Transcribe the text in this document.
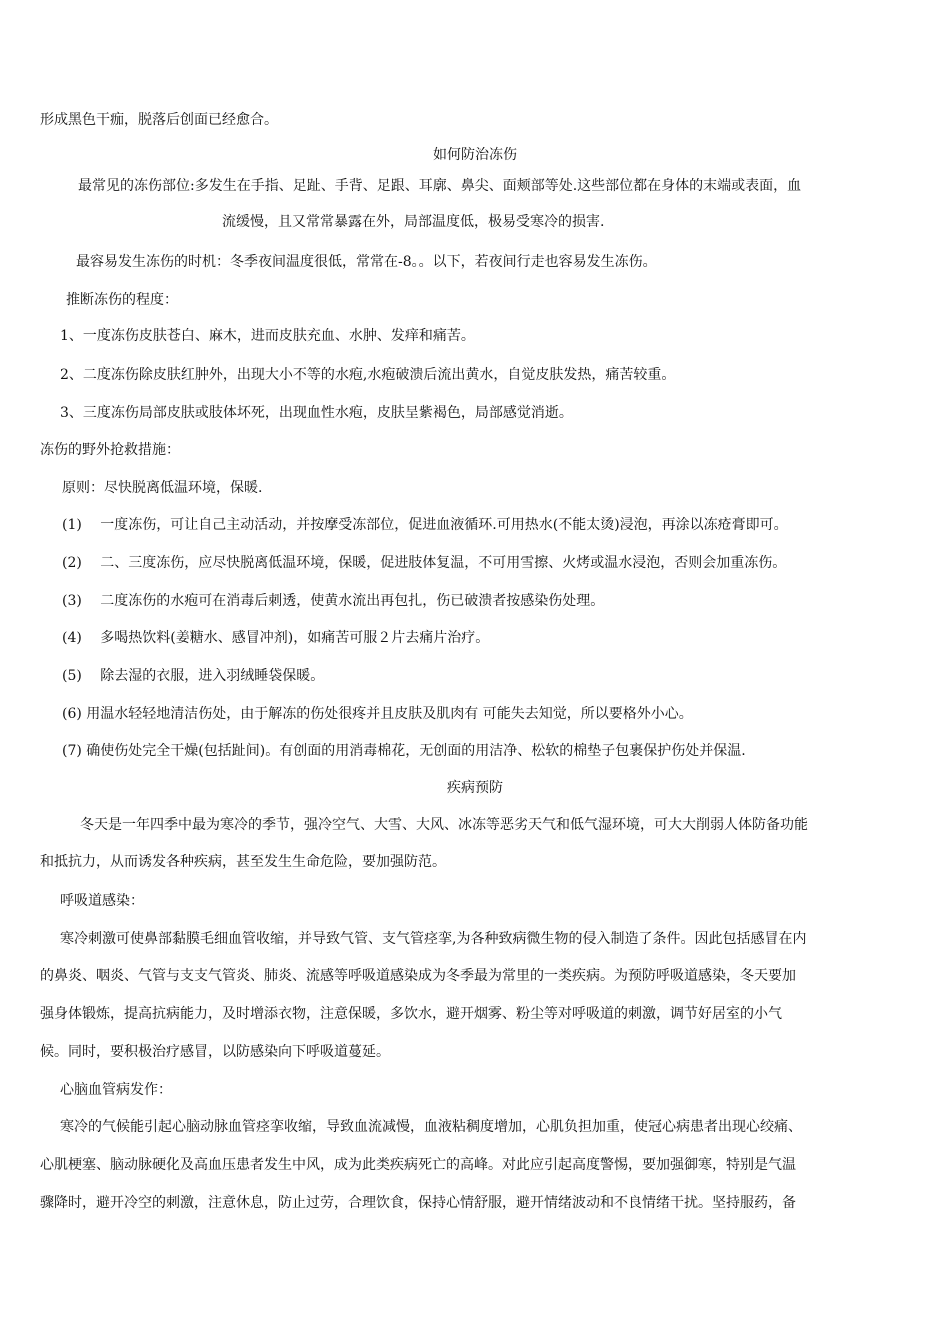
形成黑色干痂，脱落后创面已经愈合。
如何防治冻伤
最常见的冻伤部位:多发生在手指、足趾、手背、足跟、耳廓、鼻尖、面颊部等处.这些部位都在身体的末端或表面，血
流缓慢，且又常常暴露在外，局部温度低，极易受寒冷的损害.
最容易发生冻伤的时机：冬季夜间温度很低，常常在-8。。以下，若夜间行走也容易发生冻伤。
推断冻伤的程度：
1、一度冻伤皮肤苍白、麻木，进而皮肤充血、水肿、发痒和痛苦。
2、二度冻伤除皮肤红肿外，出现大小不等的水疱,水疱破溃后流出黄水，自觉皮肤发热，痛苦较重。
3、三度冻伤局部皮肤或肢体坏死，出现血性水疱，皮肤呈紫褐色，局部感觉消逝。
冻伤的野外抢救措施：
原则：尽快脱离低温环境，保暖.
(1)　 一度冻伤，可让自己主动活动，并按摩受冻部位，促进血液循环.可用热水(不能太烫)浸泡，再涂以冻疮膏即可。
(2)　 二、三度冻伤，应尽快脱离低温环境，保暖，促进肢体复温，不可用雪擦、火烤或温水浸泡，否则会加重冻伤。
(3)　 二度冻伤的水疱可在消毒后刺透，使黄水流出再包扎，伤已破溃者按感染伤处理。
(4)　 多喝热饮料(姜糖水、感冒冲剂)，如痛苦可服２片去痛片治疗。
(5)　 除去湿的衣服，进入羽绒睡袋保暖。
(6) 用温水轻轻地清洁伤处，由于解冻的伤处很疼并且皮肤及肌肉有 可能失去知觉，所以要格外小心。
(7) 确使伤处完全干燥(包括趾间)。有创面的用消毒棉花，无创面的用洁净、松软的棉垫子包裹保护伤处并保温.
疾病预防
冬天是一年四季中最为寒冷的季节，强冷空气、大雪、大风、冰冻等恶劣天气和低气湿环境，可大大削弱人体防备功能
和抵抗力，从而诱发各种疾病，甚至发生生命危险，要加强防范。
呼吸道感染：
寒冷刺激可使鼻部黏膜毛细血管收缩，并导致气管、支气管痉挛,为各种致病微生物的侵入制造了条件。因此包括感冒在内
的鼻炎、咽炎、气管与支支气管炎、肺炎、流感等呼吸道感染成为冬季最为常里的一类疾病。为预防呼吸道感染，冬天要加
强身体锻炼，提高抗病能力，及时增添衣物，注意保暖，多饮水，避开烟雾、粉尘等对呼吸道的刺激，调节好居室的小气
候。同时，要积极治疗感冒，以防感染向下呼吸道蔓延。
心脑血管病发作：
寒冷的气候能引起心脑动脉血管痉挛收缩，导致血流减慢，血液粘稠度增加，心肌负担加重，使冠心病患者出现心绞痛、
心肌梗塞、脑动脉硬化及高血压患者发生中风，成为此类疾病死亡的高峰。对此应引起高度警惕，要加强御寒，特别是气温
骤降时，避开冷空的刺激，注意休息，防止过劳，合理饮食，保持心情舒服，避开情绪波动和不良情绪干扰。坚持服药，备
